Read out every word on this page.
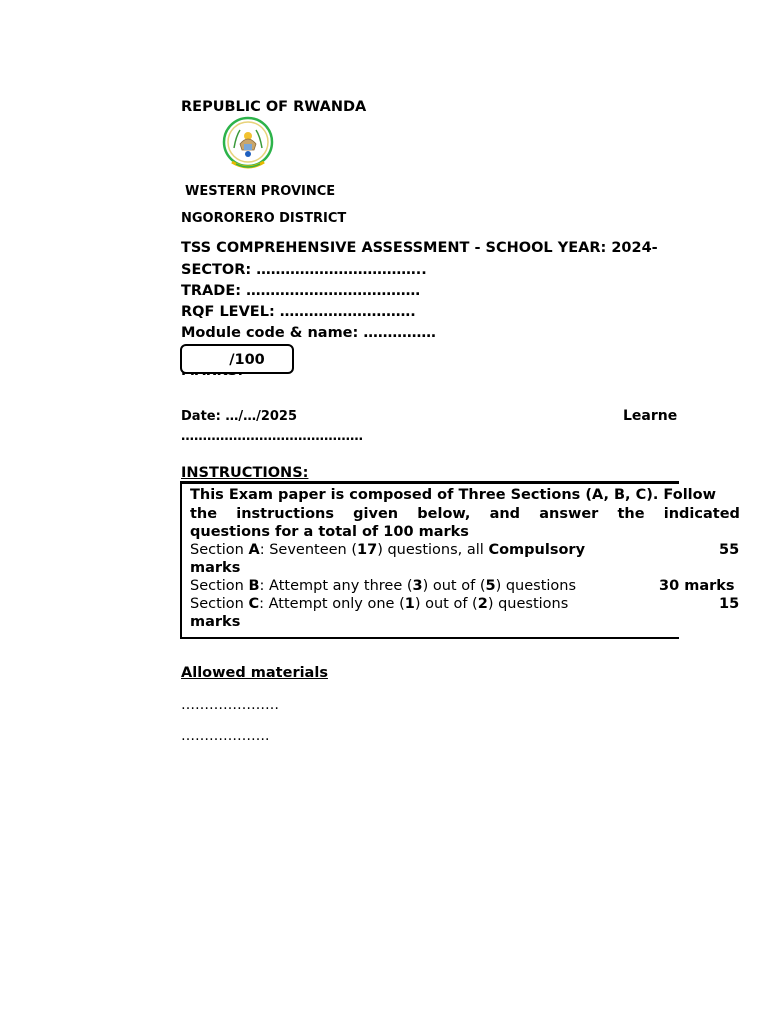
REPUBLIC OF RWANDA
WESTERN PROVINCE
NGORORERO DISTRICT
TSS COMPREHENSIVE ASSESSMENT - SCHOOL YEAR: 2024-
SECTOR: ……………………………..
TRADE: ………………………………
RQF LEVEL: ……………………….
Module code & name: ……………
/100
Date: …/…/2025	Learne
……………………………………
INSTRUCTIONS:
This Exam paper is composed of Three Sections (A, B, C). Follow
the instructions given below, and answer the indicated
questions for a total of 100 marks
Section A: Seventeen (17) questions, all Compulsory	55
marks
Section B: Attempt any three (3) out of (5) questions	30 marks
Section C: Attempt only one (1) out of (2) questions	15
marks
Allowed materials
…………………
……………….
